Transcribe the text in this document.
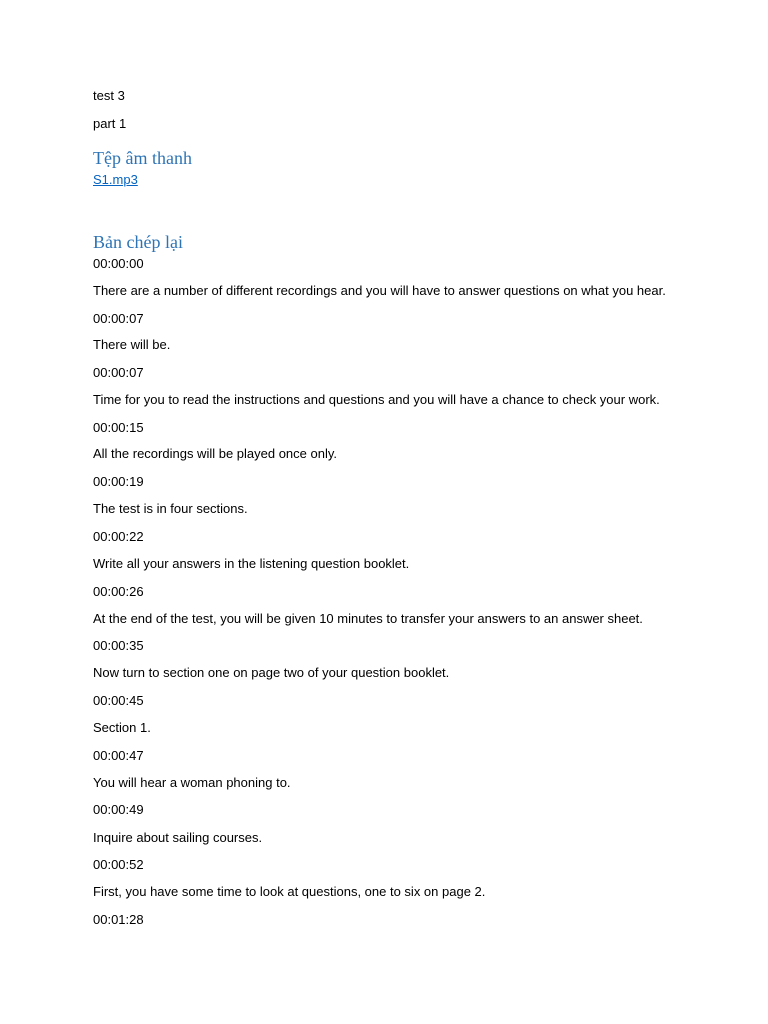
test 3
part 1
Tệp âm thanh
S1.mp3
Bản chép lại
00:00:00
There are a number of different recordings and you will have to answer questions on what you hear.
00:00:07
There will be.
00:00:07
Time for you to read the instructions and questions and you will have a chance to check your work.
00:00:15
All the recordings will be played once only.
00:00:19
The test is in four sections.
00:00:22
Write all your answers in the listening question booklet.
00:00:26
At the end of the test, you will be given 10 minutes to transfer your answers to an answer sheet.
00:00:35
Now turn to section one on page two of your question booklet.
00:00:45
Section 1.
00:00:47
You will hear a woman phoning to.
00:00:49
Inquire about sailing courses.
00:00:52
First, you have some time to look at questions, one to six on page 2.
00:01:28
